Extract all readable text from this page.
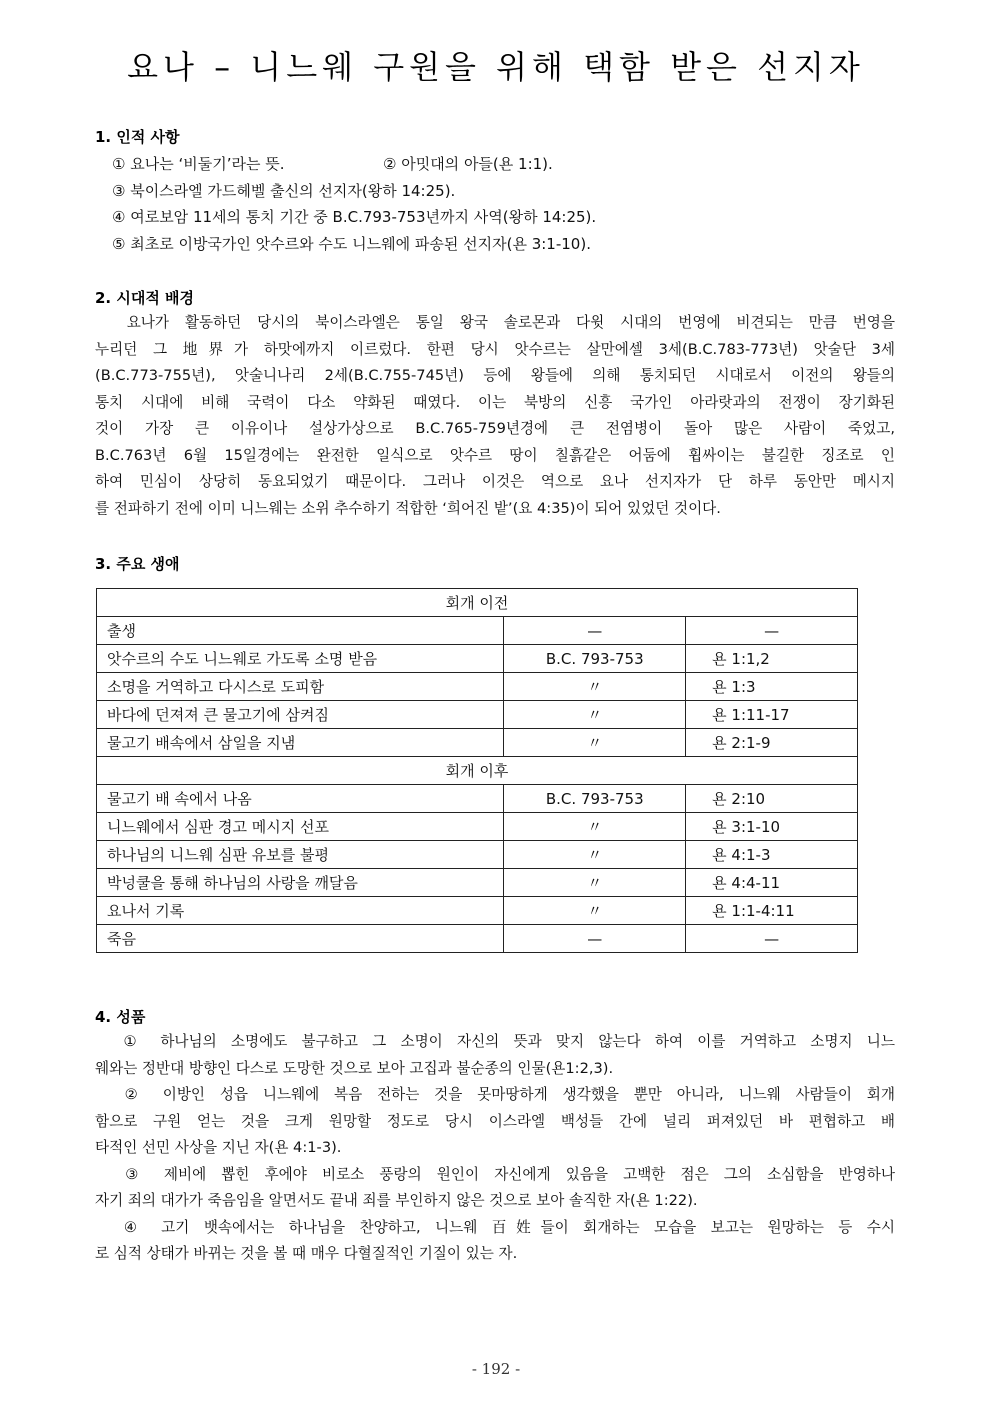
요나 – 니느웨 구원을 위해 택함 받은 선지자
1. 인적 사항
① 요나는 ‘비둘기’라는 뜻.	② 아밋대의 아들(욘 1:1).
③ 북이스라엘 가드헤벨 출신의 선지자(왕하 14:25).
④ 여로보암 11세의 통치 기간 중 B.C.793-753년까지 사역(왕하 14:25).
⑤ 최초로 이방국가인 앗수르와 수도 니느웨에 파송된 선지자(욘 3:1-10).
2. 시대적 배경
요나가 활동하던 당시의 북이스라엘은 통일 왕국 솔로몬과 다윗 시대의 번영에 비견되는 만큼 번영을
누리던 그 地界가 하맛에까지 이르렀다. 한편 당시 앗수르는 살만에셀 3세(B.C.783-773년) 앗술단 3세
(B.C.773-755년), 앗술니나리 2세(B.C.755-745년) 등에 왕들에 의해 통치되던 시대로서 이전의 왕들의
통치 시대에 비해 국력이 다소 약화된 때였다. 이는 북방의 신흥 국가인 아라랏과의 전쟁이 장기화된
것이 가장 큰 이유이나 설상가상으로 B.C.765-759년경에 큰 전염병이 돌아 많은 사람이 죽었고,
B.C.763년 6월 15일경에는 완전한 일식으로 앗수르 땅이 칠흙같은 어둠에 휩싸이는 불길한 징조로 인
하여 민심이 상당히 동요되었기 때문이다. 그러나 이것은 역으로 요나 선지자가 단 하루 동안만 메시지
를 전파하기 전에 이미 니느웨는 소위 추수하기 적합한 ‘희어진 밭’(요 4:35)이 되어 있었던 것이다.
3. 주요 생애
회개 이전		
출생	—	—
앗수르의 수도 니느웨로 가도록 소명 받음	B.C. 793-753	욘 1:1,2
소명을 거역하고 다시스로 도피함	〃	욘 1:3
바다에 던져져 큰 물고기에 삼켜짐	〃	욘 1:11-17
물고기 배속에서 삼일을 지냄	〃	욘 2:1-9
회개 이후		
물고기 배 속에서 나옴	B.C. 793-753	욘 2:10
니느웨에서 심판 경고 메시지 선포	〃	욘 3:1-10
하나님의 니느웨 심판 유보를 불평	〃	욘 4:1-3
박넝쿨을 통해 하나님의 사랑을 깨달음	〃	욘 4:4-11
요나서 기록	〃	욘 1:1-4:11
죽음	—	—
4. 성품
① 하나님의 소명에도 불구하고 그 소명이 자신의 뜻과 맞지 않는다 하여 이를 거역하고 소명지 니느
웨와는 정반대 방향인 다스로 도망한 것으로 보아 고집과 불순종의 인물(욘1:2,3).
② 이방인 성읍 니느웨에 복음 전하는 것을 못마땅하게 생각했을 뿐만 아니라, 니느웨 사람들이 회개
함으로 구원 얻는 것을 크게 원망할 정도로 당시 이스라엘 백성들 간에 널리 퍼져있던 바 편협하고 배
타적인 선민 사상을 지닌 자(욘 4:1-3).
③ 제비에 뽑힌 후에야 비로소 풍랑의 원인이 자신에게 있음을 고백한 점은 그의 소심함을 반영하나
자기 죄의 대가가 죽음임을 알면서도 끝내 죄를 부인하지 않은 것으로 보아 솔직한 자(욘 1:22).
④ 고기 뱃속에서는 하나님을 찬양하고, 니느웨 百姓들이 회개하는 모습을 보고는 원망하는 등 수시
로 심적 상태가 바뀌는 것을 볼 때 매우 다혈질적인 기질이 있는 자.
- 192 -
